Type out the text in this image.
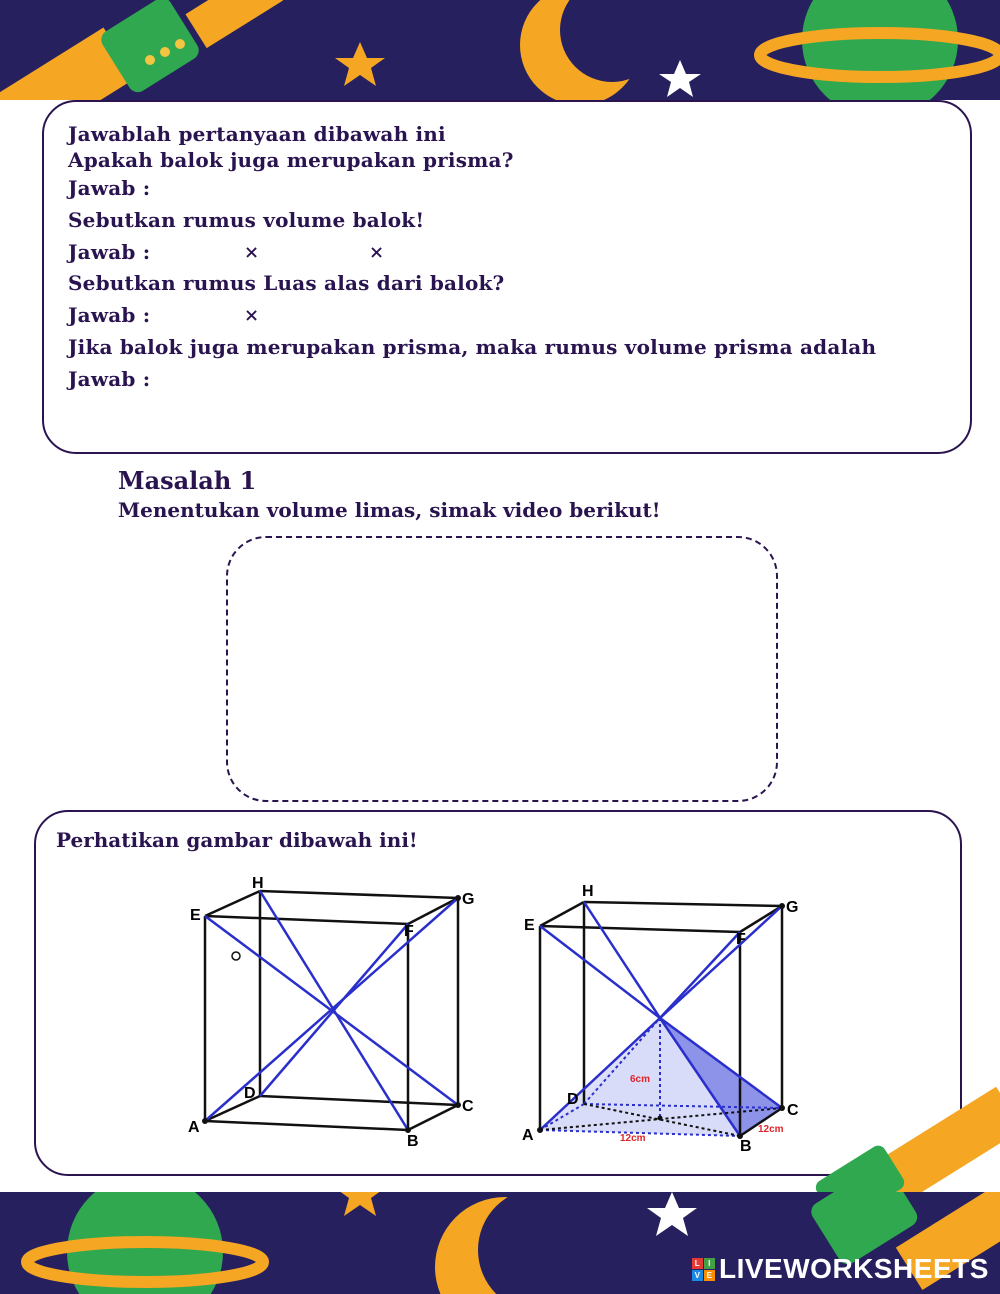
Jawablah pertanyaan dibawah ini
Apakah balok juga merupakan prisma?
Jawab :
Sebutkan rumus volume balok!
Jawab :	×	×
Sebutkan rumus Luas alas dari balok?
Jawab :	×
Jika balok juga merupakan prisma, maka rumus volume prisma adalah
Jawab :
Masalah 1
Menentukan volume limas, simak video berikut!
Perhatikan gambar dibawah ini!
A
B
C
D
E
F
G
H
A
B
C
D
E
F
G
H
6cm
12cm
12cm
L I
V E LIVEWORKSHEETS
